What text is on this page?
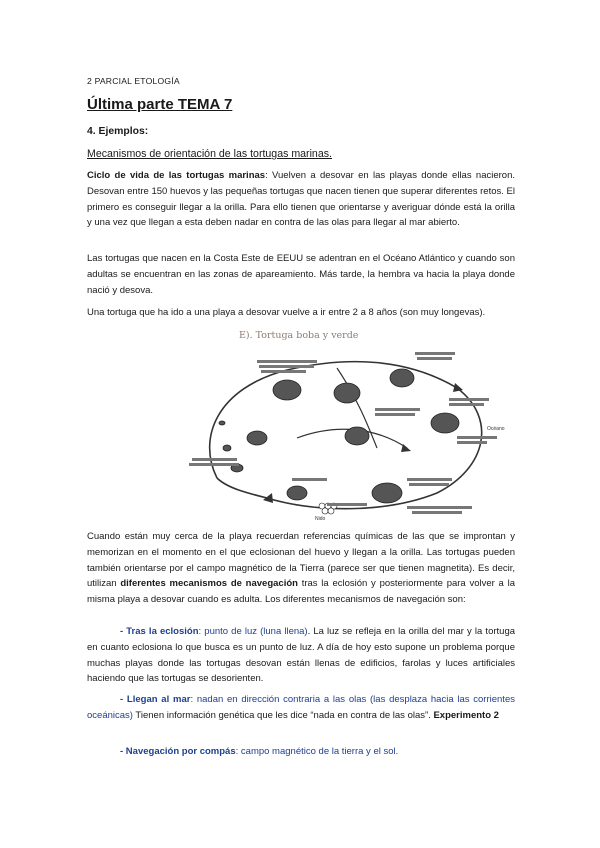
2 PARCIAL ETOLOGÍA
Última parte TEMA 7
4. Ejemplos:
Mecanismos de orientación de las tortugas marinas.

Ciclo de vida de las tortugas marinas: Vuelven a desovar en las playas donde ellas nacieron. Desovan entre 150 huevos y las pequeñas tortugas que nacen tienen que superar diferentes retos. El primero es conseguir llegar a la orilla. Para ello tienen que orientarse y averiguar dónde está la orilla y una vez que llegan a esta deben nadar en contra de las olas para llegar al mar abierto.

Las tortugas que nacen en la Costa Este de EEUU se adentran en el Océano Atlántico y cuando son adultas se encuentran en las zonas de apareamiento. Más tarde, la hembra va hacia la playa donde nació y desova.

Una tortuga que ha ido a una playa a desovar vuelve a ir entre 2 a 8 años (son muy longevas).

E). Tortuga boba y verde
Océano
Nido

Cuando están muy cerca de la playa recuerdan referencias químicas de las que se improntan y memorizan en el momento en el que eclosionan del huevo y llegan a la orilla. Las tortugas pueden también orientarse por el campo magnético de la Tierra (parece ser que tienen magnetita). Es decir, utilizan diferentes mecanismos de navegación tras la eclosión y posteriormente para volver a la misma playa a desovar cuando es adulta. Los diferentes mecanismos de navegación son:

- Tras la eclosión: punto de luz (luna llena). La luz se refleja en la orilla del mar y la tortuga en cuanto eclosiona lo que busca es un punto de luz. A día de hoy esto supone un problema porque muchas playas donde las tortugas desovan están llenas de edificios, farolas y luces artificiales haciendo que las tortugas se desorienten.

- Llegan al mar: nadan en dirección contraria a las olas (las desplaza hacia las corrientes oceánicas) Tienen información genética que les dice “nada en contra de las olas”. Experimento 2

- Navegación por compás: campo magnético de la tierra y el sol.
